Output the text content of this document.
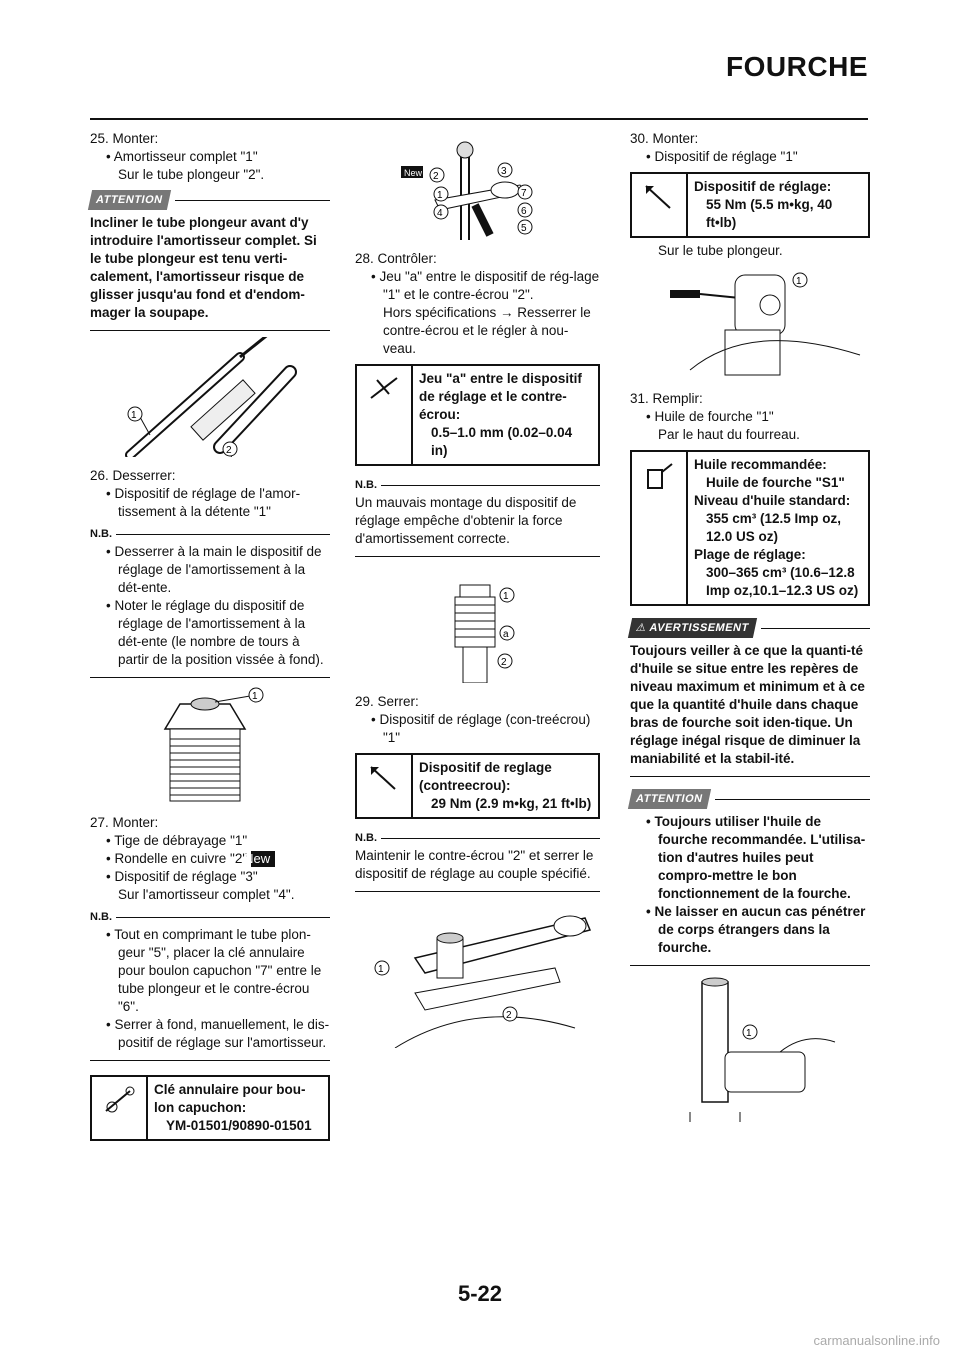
FOURCHE

25. Monter:

• Amortisseur complet "1"

Sur le tube plongeur "2".

ATTENTION

Incliner le tube plongeur avant d'y introduire l'amortisseur complet. Si le tube plongeur est tenu verti-calement, l'amortisseur risque de glisser jusqu'au fond et d'endom-mager la soupape.

1
2

26. Desserrer:

• Dispositif de réglage de l'amor-tissement à la détente "1"

N.B.

• Desserrer à la main le dispositif de réglage de l'amortissement à la dét-ente.

• Noter le réglage du dispositif de réglage de l'amortissement à la dét-ente (le nombre de tours à partir de la position vissée à fond).

1

27. Monter:

• Tige de débrayage "1"

• Rondelle en cuivre "2"New

• Dispositif de réglage "3"

Sur l'amortisseur complet "4".

N.B.

• Tout en comprimant le tube plon-geur "5", placer la clé annulaire pour boulon capuchon "7" entre le tube plongeur et le contre-écrou "6".

• Serrer à fond, manuellement, le dis-positif de réglage sur l'amortisseur.

Clé annulaire pour bou-lon capuchon:
YM-01501/90890-01501
New 2	3
1
4
7
6
5

28. Contrôler:

• Jeu "a" entre le dispositif de rég-lage "1" et le contre-écrou "2".

Hors spécifications → Resserrer le contre-écrou et le régler à nou-veau.

Jeu "a" entre le dispositif de réglage et le contre-écrou:
0.5–1.0 mm (0.02–0.04 in)
N.B.

Un mauvais montage du dispositif de réglage empêche d'obtenir la force d'amortissement correcte.

1
a
2

29. Serrer:

• Dispositif de réglage (con-treécrou) "1"

Dispositif de reglage (contreecrou):
29 Nm (2.9 m•kg, 21 ft•lb)
N.B.

Maintenir le contre-écrou "2" et serrer le dispositif de réglage au couple spécifié.

1
2

30. Monter:

• Dispositif de réglage "1"

Dispositif de réglage:
55 Nm (5.5 m•kg, 40 ft•lb)

Sur le tube plongeur.

1

31. Remplir:

• Huile de fourche "1"

Par le haut du fourreau.

Huile recommandée:
Huile de fourche "S1"
Niveau d'huile standard:
355 cm³ (12.5 Imp oz, 12.0 US oz)
Plage de réglage:
300–365 cm³ (10.6–12.8 Imp oz,10.1–12.3 US oz)
⚠ AVERTISSEMENT

Toujours veiller à ce que la quanti-té d'huile se situe entre les repères de niveau maximum et minimum et à ce que la quantité d'huile dans chaque bras de fourche soit iden-tique. Un réglage inégal risque de diminuer la maniabilité et la stabil-ité.

ATTENTION

• Toujours utiliser l'huile de fourche recommandée. L'utilisa-tion d'autres huiles peut compro-mettre le bon fonctionnement de la fourche.

• Ne laisser en aucun cas pénétrer de corps étrangers dans la fourche.

1
5-22
carmanualsonline.info
